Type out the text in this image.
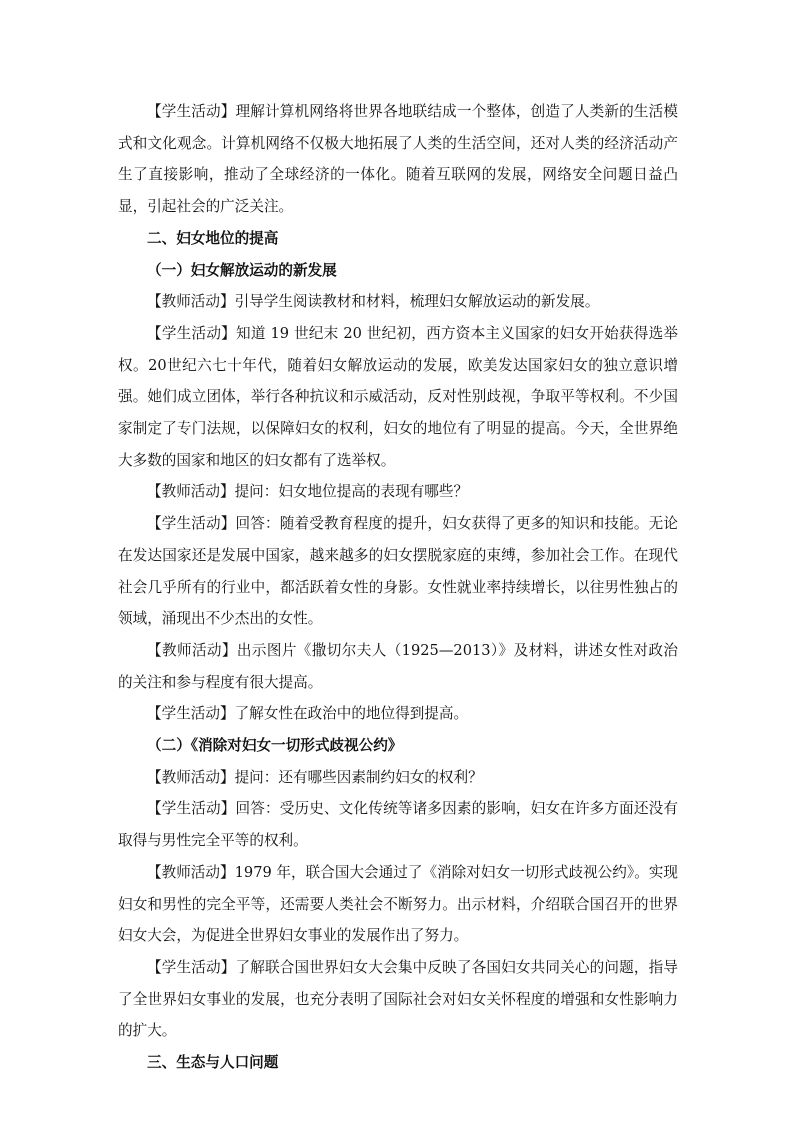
【学生活动】理解计算机网络将世界各地联结成一个整体，创造了人类新的生活模式和文化观念。计算机网络不仅极大地拓展了人类的生活空间，还对人类的经济活动产生了直接影响，推动了全球经济的一体化。随着互联网的发展，网络安全问题日益凸显，引起社会的广泛关注。

二、妇女地位的提高

（一）妇女解放运动的新发展

【教师活动】引导学生阅读教材和材料，梳理妇女解放运动的新发展。

【学生活动】知道 19 世纪末 20 世纪初，西方资本主义国家的妇女开始获得选举权。20世纪六七十年代，随着妇女解放运动的发展，欧美发达国家妇女的独立意识增强。她们成立团体，举行各种抗议和示威活动，反对性别歧视，争取平等权利。不少国家制定了专门法规，以保障妇女的权利，妇女的地位有了明显的提高。今天，全世界绝大多数的国家和地区的妇女都有了选举权。

【教师活动】提问：妇女地位提高的表现有哪些？

【学生活动】回答：随着受教育程度的提升，妇女获得了更多的知识和技能。无论在发达国家还是发展中国家，越来越多的妇女摆脱家庭的束缚，参加社会工作。在现代社会几乎所有的行业中，都活跃着女性的身影。女性就业率持续增长，以往男性独占的领域，涌现出不少杰出的女性。

【教师活动】出示图片《撒切尔夫人（1925—2013）》及材料，讲述女性对政治的关注和参与程度有很大提高。

【学生活动】了解女性在政治中的地位得到提高。

（二）《消除对妇女一切形式歧视公约》

【教师活动】提问：还有哪些因素制约妇女的权利？

【学生活动】回答：受历史、文化传统等诸多因素的影响，妇女在许多方面还没有取得与男性完全平等的权利。

【教师活动】1979 年，联合国大会通过了《消除对妇女一切形式歧视公约》。实现妇女和男性的完全平等，还需要人类社会不断努力。出示材料，介绍联合国召开的世界妇女大会，为促进全世界妇女事业的发展作出了努力。

【学生活动】了解联合国世界妇女大会集中反映了各国妇女共同关心的问题，指导了全世界妇女事业的发展，也充分表明了国际社会对妇女关怀程度的增强和女性影响力的扩大。

三、生态与人口问题
